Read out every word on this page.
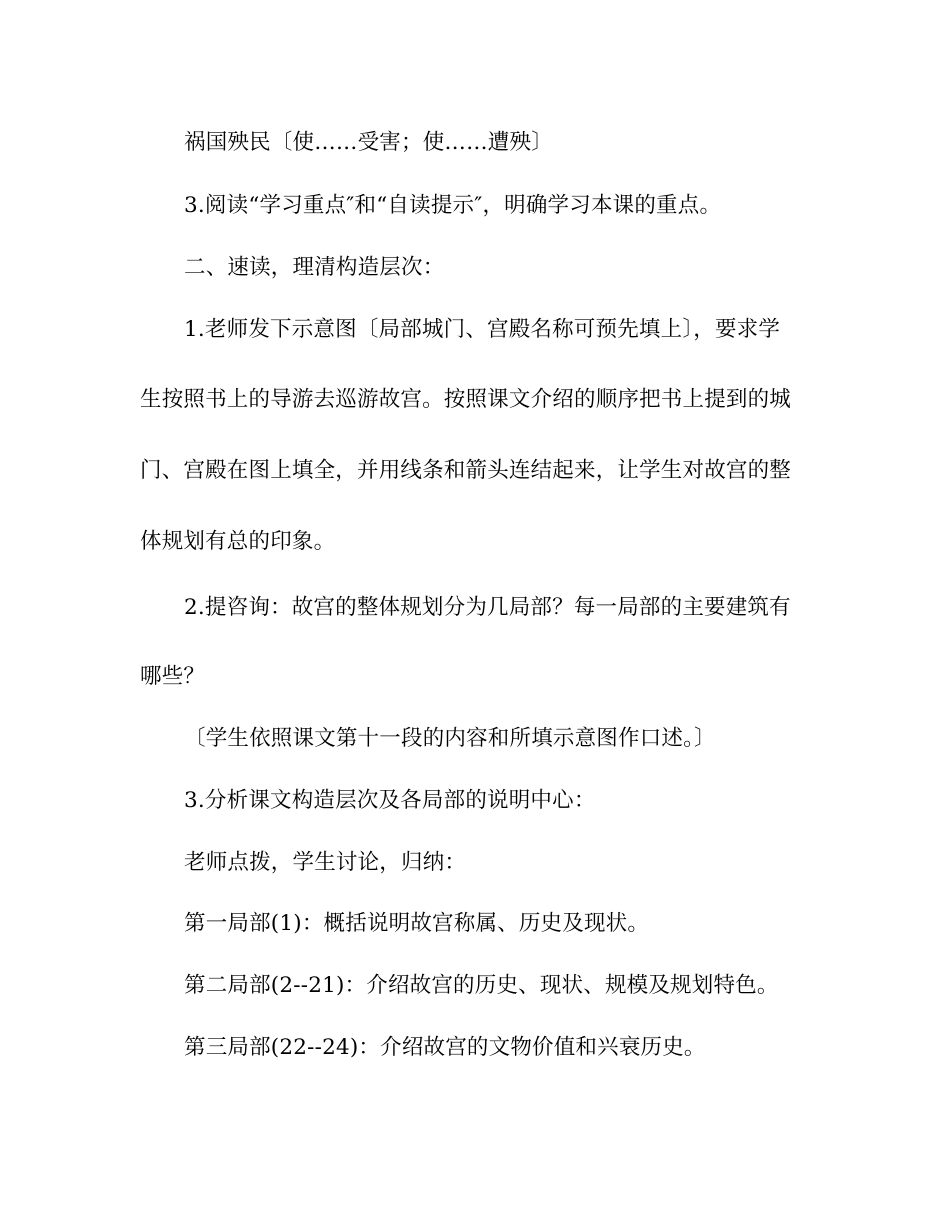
祸国殃民〔使……受害；使……遭殃〕
3.阅读“学习重点″和“自读提示″，明确学习本课的重点。
二、速读，理清构造层次：
1.老师发下示意图〔局部城门、宫殿名称可预先填上〕，要求学
生按照书上的导游去巡游故宫。按照课文介绍的顺序把书上提到的城
门、宫殿在图上填全，并用线条和箭头连结起来，让学生对故宫的整
体规划有总的印象。
2.提咨询：故宫的整体规划分为几局部？每一局部的主要建筑有
哪些？
〔学生依照课文第十一段的内容和所填示意图作口述。〕
3.分析课文构造层次及各局部的说明中心：
老师点拨，学生讨论，归纳：
第一局部(1)：概括说明故宫称属、历史及现状。
第二局部(2--21)：介绍故宫的历史、现状、规模及规划特色。
第三局部(22--24)：介绍故宫的文物价值和兴衰历史。
